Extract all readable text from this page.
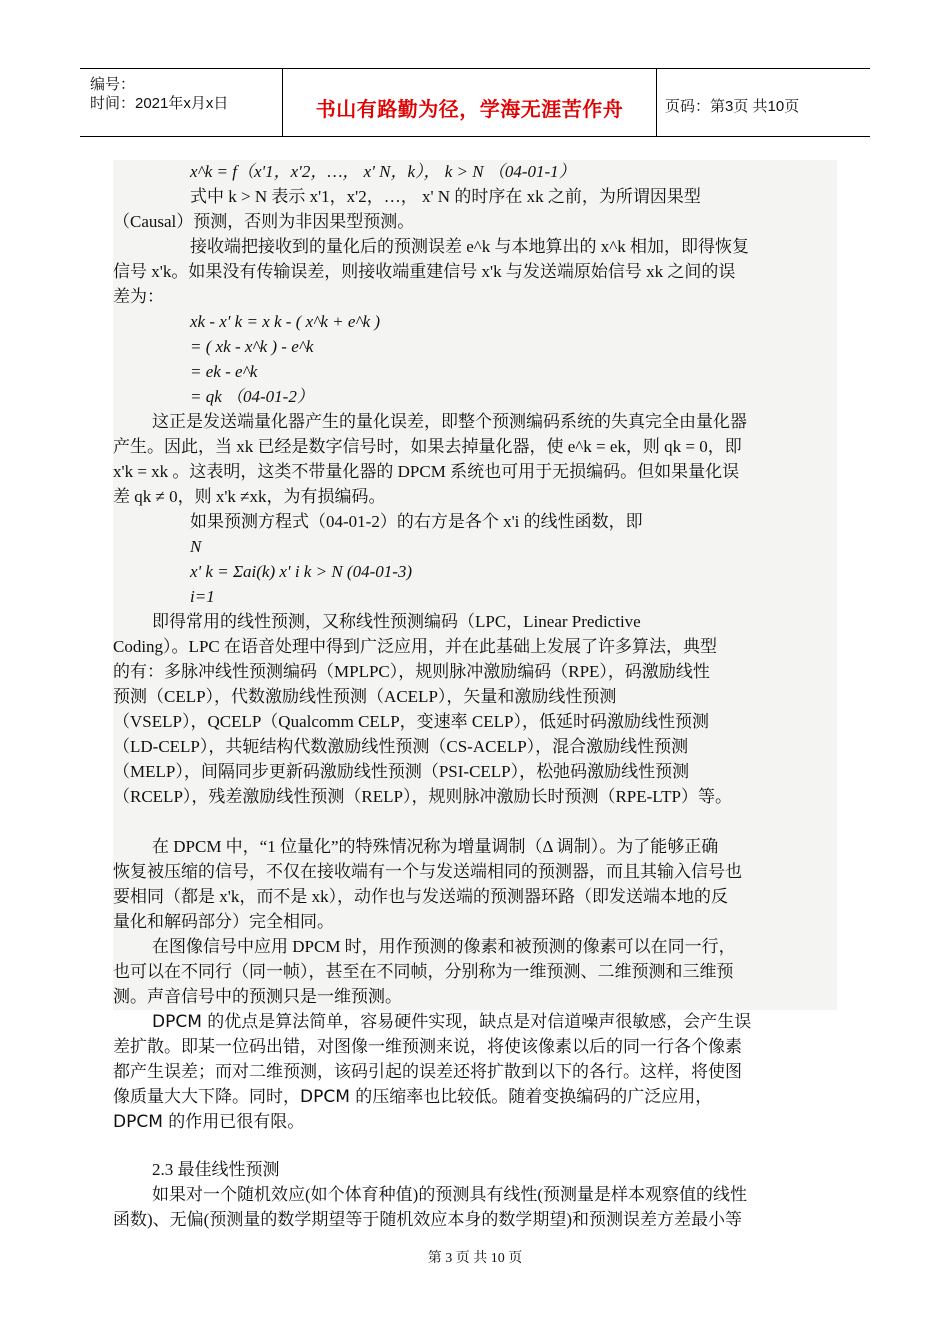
编号：
时间：2021年x月x日	书山有路勤为径，学海无涯苦作舟	页码：第3页 共10页
x^k = f（x'1，x'2，…， x' N，k）， k > N （04-01-1）
式中 k > N 表示 x'1，x'2，…， x' N 的时序在 xk 之前，为所谓因果型
（Causal）预测，否则为非因果型预测。
接收端把接收到的量化后的预测误差 e^k 与本地算出的 x^k 相加，即得恢复
信号 x'k。如果没有传输误差，则接收端重建信号 x'k 与发送端原始信号 xk 之间的误
差为：
xk - x' k = x k - ( x^k + e^k )
= ( xk - x^k ) - e^k
= ek - e^k
= qk （04-01-2）
这正是发送端量化器产生的量化误差，即整个预测编码系统的失真完全由量化器
产生。因此，当 xk 已经是数字信号时，如果去掉量化器，使 e^k = ek，则 qk = 0，即
x'k = xk 。这表明，这类不带量化器的 DPCM 系统也可用于无损编码。但如果量化误
差 qk ≠ 0，则 x'k ≠xk，为有损编码。
如果预测方程式（04-01-2）的右方是各个 x'i 的线性函数，即
N
x' k = Σai(k) x' i k > N (04-01-3)
i=1
即得常用的线性预测，又称线性预测编码（LPC，Linear Predictive
Coding）。LPC 在语音处理中得到广泛应用，并在此基础上发展了许多算法，典型
的有：多脉冲线性预测编码（MPLPC），规则脉冲激励编码（RPE），码激励线性
预测（CELP），代数激励线性预测（ACELP），矢量和激励线性预测
（VSELP），QCELP（Qualcomm CELP，变速率 CELP），低延时码激励线性预测
（LD-CELP），共轭结构代数激励线性预测（CS-ACELP），混合激励线性预测
（MELP），间隔同步更新码激励线性预测（PSI-CELP），松弛码激励线性预测
（RCELP），残差激励线性预测（RELP），规则脉冲激励长时预测（RPE-LTP）等。
在 DPCM 中，“1 位量化”的特殊情况称为增量调制（Δ 调制）。为了能够正确
恢复被压缩的信号，不仅在接收端有一个与发送端相同的预测器，而且其输入信号也
要相同（都是 x'k，而不是 xk），动作也与发送端的预测器环路（即发送端本地的反
量化和解码部分）完全相同。
在图像信号中应用 DPCM 时，用作预测的像素和被预测的像素可以在同一行，
也可以在不同行（同一帧），甚至在不同帧，分别称为一维预测、二维预测和三维预
测。声音信号中的预测只是一维预测。
DPCM 的优点是算法简单，容易硬件实现，缺点是对信道噪声很敏感，会产生误
差扩散。即某一位码出错，对图像一维预测来说，将使该像素以后的同一行各个像素
都产生误差；而对二维预测，该码引起的误差还将扩散到以下的各行。这样，将使图
像质量大大下降。同时，DPCM 的压缩率也比较低。随着变换编码的广泛应用，
DPCM 的作用已很有限。
2.3 最佳线性预测
如果对一个随机效应(如个体育种值)的预测具有线性(预测量是样本观察值的线性
函数)、无偏(预测量的数学期望等于随机效应本身的数学期望)和预测误差方差最小等
第 3 页 共 10 页
